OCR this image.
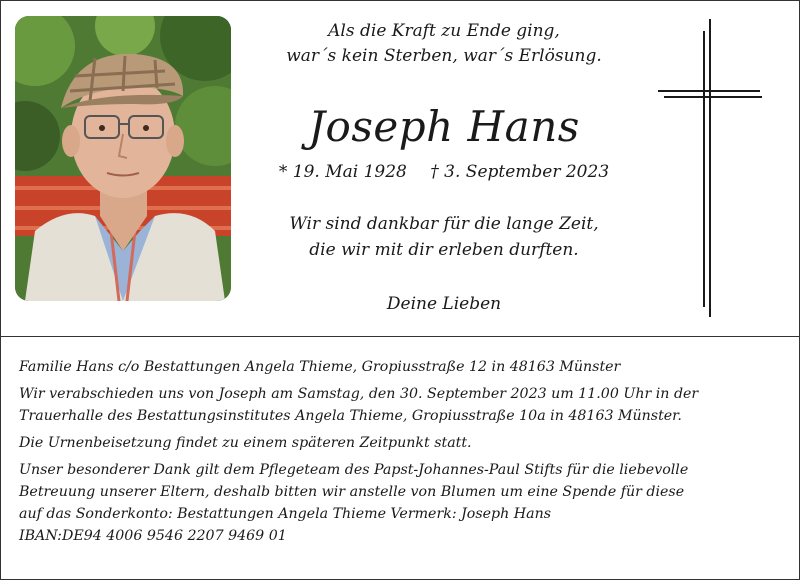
Als die Kraft zu Ende ging,
war´s kein Sterben, war´s Erlösung.
Joseph Hans
* 19. Mai 1928 † 3. September 2023
Wir sind dankbar für die lange Zeit,
die wir mit dir erleben durften.
Deine Lieben

Familie Hans c/o Bestattungen Angela Thieme, Gropiusstraße 12 in 48163 Münster

Wir verabschieden uns von Joseph am Samstag, den 30. September 2023 um 11.00 Uhr in der
Trauerhalle des Bestattungsinstitutes Angela Thieme, Gropiusstraße 10a in 48163 Münster.

Die Urnenbeisetzung findet zu einem späteren Zeitpunkt statt.

Unser besonderer Dank gilt dem Pflegeteam des Papst-Johannes-Paul Stifts für die liebevolle
Betreuung unserer Eltern, deshalb bitten wir anstelle von Blumen um eine Spende für diese
auf das Sonderkonto: Bestattungen Angela Thieme Vermerk: Joseph Hans
IBAN:DE94 4006 9546 2207 9469 01
